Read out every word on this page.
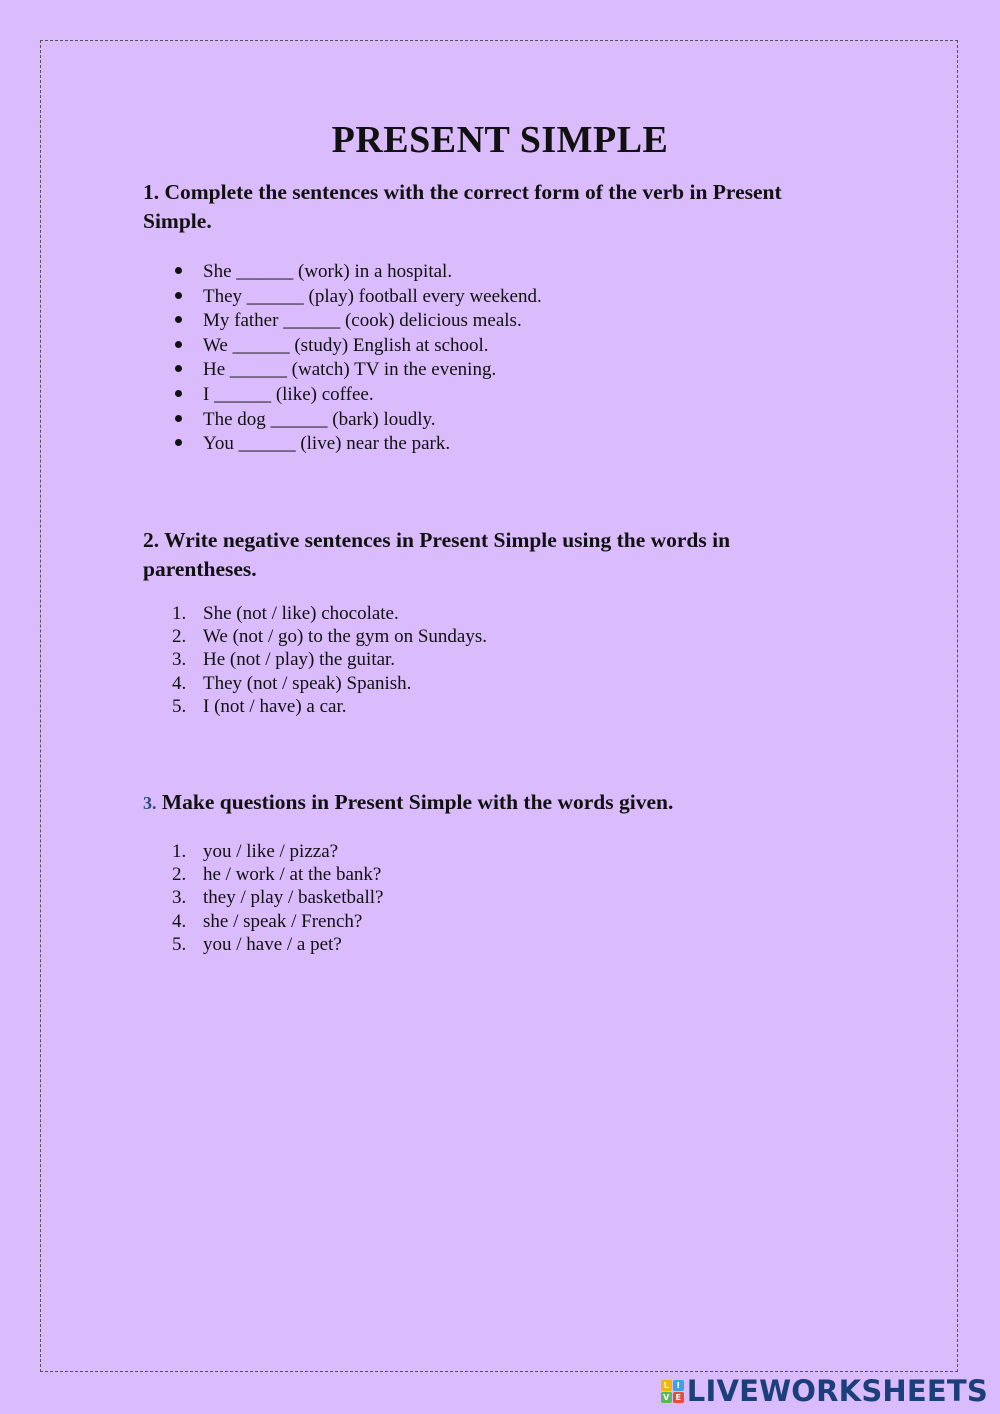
PRESENT SIMPLE

1. Complete the sentences with the correct form of the verb in Present Simple.

She ______ (work) in a hospital.
They ______ (play) football every weekend.
My father ______ (cook) delicious meals.
We ______ (study) English at school.
He ______ (watch) TV in the evening.
I ______ (like) coffee.
The dog ______ (bark) loudly.
You ______ (live) near the park.

2. Write negative sentences in Present Simple using the words in parentheses.

1. She (not / like) chocolate.
2. We (not / go) to the gym on Sundays.
3. He (not / play) the guitar.
4. They (not / speak) Spanish.
5. I (not / have) a car.

3. Make questions in Present Simple with the words given.

1. you / like / pizza?
2. he / work / at the bank?
3. they / play / basketball?
4. she / speak / French?
5. you / have / a pet?
L I
V E LIVEWORKSHEETS
